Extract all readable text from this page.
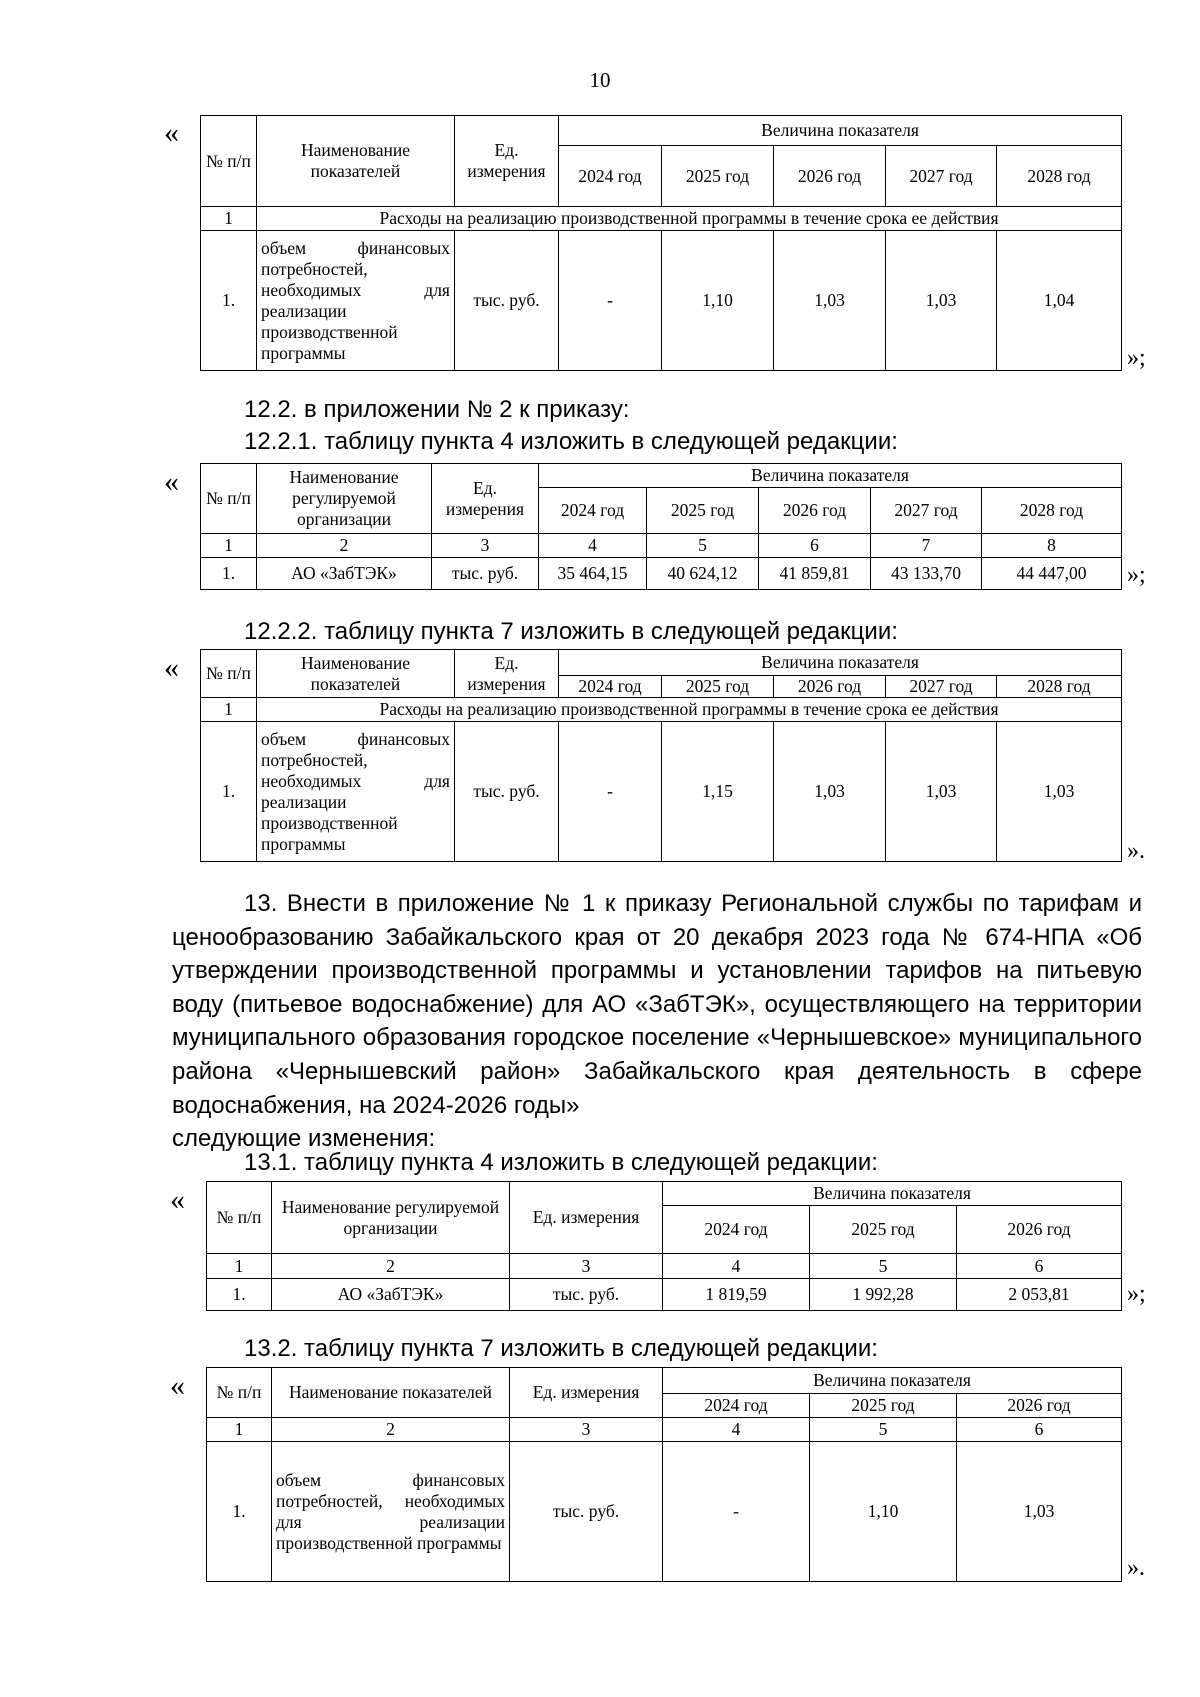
10
«
№ п/п	Наименование показателей	Ед. измерения	Величина показателя				
			2024 год	2025 год	2026 год	2027 год	2028 год
1	Расходы на реализацию производственной программы в течение срока ее действия						
1.	объем финансовых потребностей, необходимых для реализации производственной программы	тыс. руб.	-	1,10	1,03	1,03	1,04
»;
12.2. в приложении № 2 к приказу:
12.2.1. таблицу пункта 4 изложить в следующей редакции:
« № п/п	Наименование регулируемой организации	Ед. измерения	Величина показателя				
			2024 год	2025 год	2026 год	2027 год	2028 год
1	2	3	4	5	6	7	8
1.	АО «ЗабТЭК»	тыс. руб.	35 464,15	40 624,12	41 859,81	43 133,70	44 447,00 »;
12.2.2. таблицу пункта 7 изложить в следующей редакции:
« № п/п	Наименование показателей	Ед. измерения	Величина показателя				
			2024 год	2025 год	2026 год	2027 год	2028 год
1	Расходы на реализацию производственной программы в течение срока ее действия						
1.	объем финансовых потребностей, необходимых для реализации производственной программы	тыс. руб.	-	1,15	1,03	1,03	1,03
».

13. Внести в приложение № 1 к приказу Региональной службы по тарифам и ценообразованию Забайкальского края от 20 декабря 2023 года № 674-НПА «Об утверждении производственной программы и установлении тарифов на питьевую воду (питьевое водоснабжение) для АО «ЗабТЭК», осуществляющего на территории муниципального образования городское поселение «Чернышевское» муниципального района «Чернышевский район» Забайкальского края деятельность в сфере водоснабжения, на 2024-2026 годы»

следующие изменения:

13.1. таблицу пункта 4 изложить в следующей редакции:
«
№ п/п	Наименование регулируемой организации	Ед. измерения	Величина показателя		
			2024 год	2025 год	2026 год
1	2	3	4	5	6
1.	АО «ЗабТЭК»	тыс. руб.	1 819,59	1 992,28	2 053,81 »;
13.2. таблицу пункта 7 изложить в следующей редакции:
« № п/п	Наименование показателей	Ед. измерения	Величина показателя		
			2024 год	2025 год	2026 год
1	2	3	4	5	6
1.	объем финансовых потребностей, необходимых для реализации производственной программы	тыс. руб.	-	1,10	1,03
».
